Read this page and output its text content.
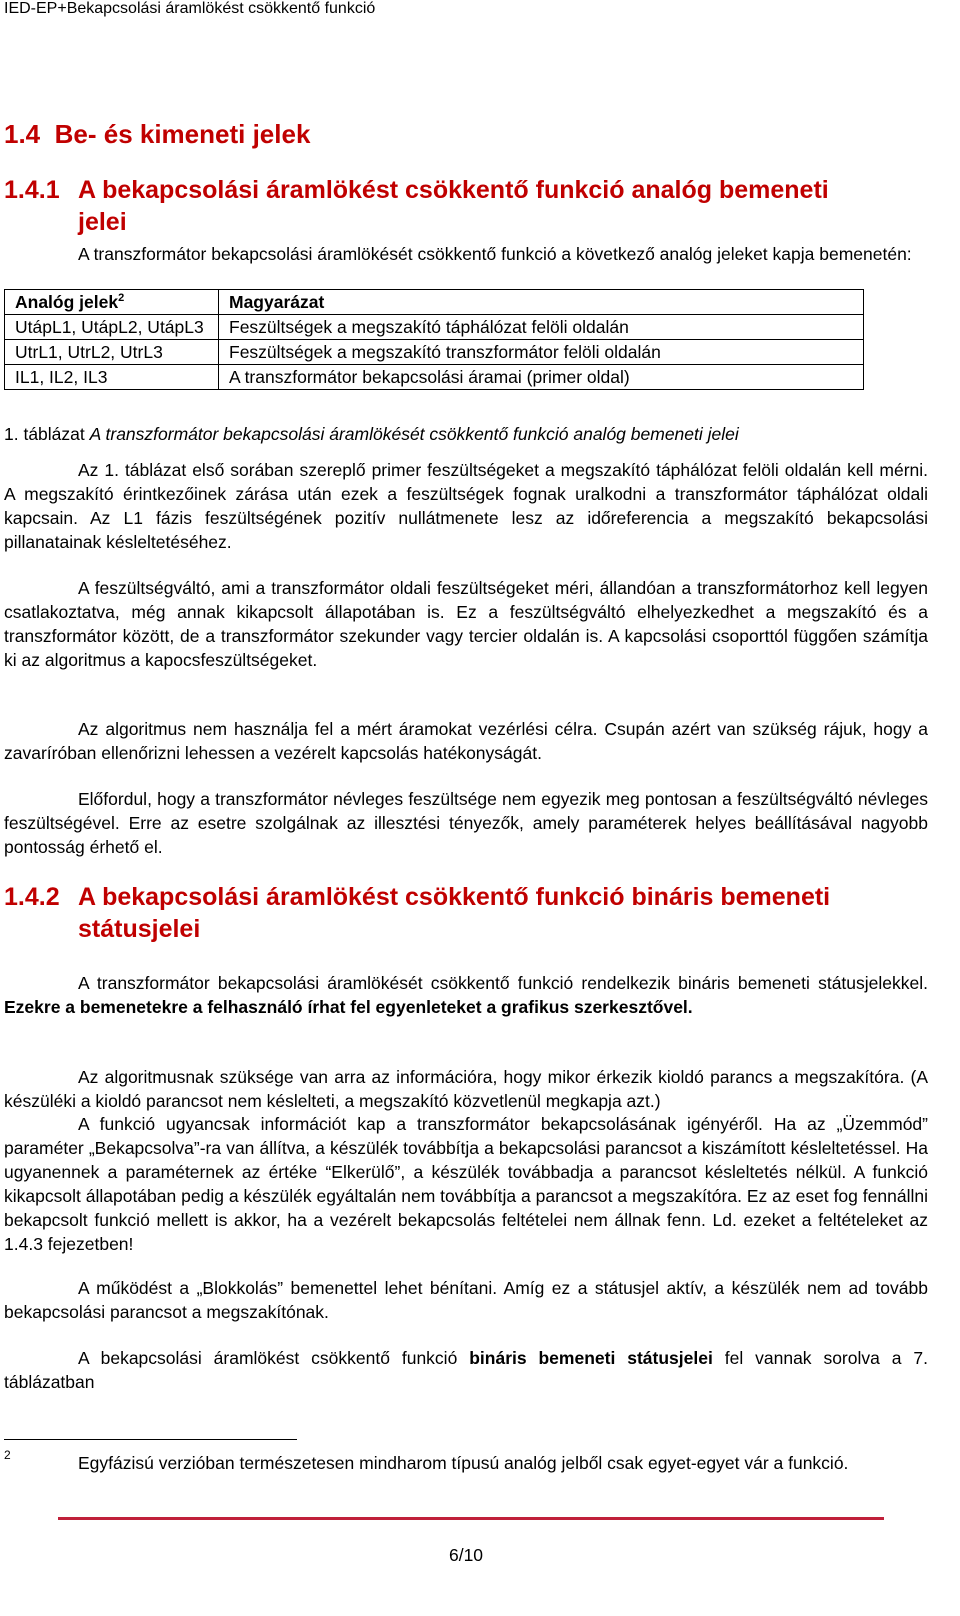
IED-EP+Bekapcsolási áramlökést csökkentő funkció
1.4 Be- és kimeneti jelek
1.4.1 A bekapcsolási áramlökést csökkentő funkció analóg bemeneti
jelei
A transzformátor bekapcsolási áramlökését csökkentő funkció a következő analóg jeleket kapja bemenetén:
Analóg jelek$^2$	Magyarázat
UtápL1, UtápL2, UtápL3	Feszültségek a megszakító táphálózat felöli oldalán
UtrL1, UtrL2, UtrL3	Feszültségek a megszakító transzformátor felöli oldalán
IL1, IL2, IL3	A transzformátor bekapcsolási áramai (primer oldal)
1. táblázat A transzformátor bekapcsolási áramlökését csökkentő funkció analóg bemeneti jelei
Az 1. táblázat első sorában szereplő primer feszültségeket a megszakító táphálózat felöli oldalán kell mérni. A megszakító érintkezőinek zárása után ezek a feszültségek fognak uralkodni a transzformátor táphálózat oldali kapcsain. Az L1 fázis feszültségének pozitív nullátmenete lesz az időreferencia a megszakító bekapcsolási pillanatainak késleltetéséhez.
A feszültségváltó, ami a transzformátor oldali feszültségeket méri, állandóan a transzformátorhoz kell legyen csatlakoztatva, még annak kikapcsolt állapotában is. Ez a feszültségváltó elhelyezkedhet a megszakító és a transzformátor között, de a transzformátor szekunder vagy tercier oldalán is. A kapcsolási csoporttól függően számítja ki az algoritmus a kapocsfeszültségeket.
Az algoritmus nem használja fel a mért áramokat vezérlési célra. Csupán azért van szükség rájuk, hogy a zavaríróban ellenőrizni lehessen a vezérelt kapcsolás hatékonyságát.
Előfordul, hogy a transzformátor névleges feszültsége nem egyezik meg pontosan a feszültségváltó névleges feszültségével. Erre az esetre szolgálnak az illesztési tényezők, amely paraméterek helyes beállításával nagyobb pontosság érhető el.
1.4.2 A bekapcsolási áramlökést csökkentő funkció bináris bemeneti
státusjelei
A transzformátor bekapcsolási áramlökését csökkentő funkció rendelkezik bináris bemeneti státusjelekkel. Ezekre a bemenetekre a felhasználó írhat fel egyenleteket a grafikus szerkesztővel.
Az algoritmusnak szüksége van arra az információra, hogy mikor érkezik kioldó parancs a megszakítóra. (A készüléki a kioldó parancsot nem késlelteti, a megszakító közvetlenül megkapja azt.)
A funkció ugyancsak információt kap a transzformátor bekapcsolásának igényéről. Ha az „Üzemmód” paraméter „Bekapcsolva”-ra van állítva, a készülék továbbítja a bekapcsolási parancsot a kiszámított késleltetéssel. Ha ugyanennek a paraméternek az értéke “Elkerülő”, a készülék továbbadja a parancsot késleltetés nélkül. A funkció kikapcsolt állapotában pedig a készülék egyáltalán nem továbbítja a parancsot a megszakítóra. Ez az eset fog fennállni bekapcsolt funkció mellett is akkor, ha a vezérelt bekapcsolás feltételei nem állnak fenn. Ld. ezeket a feltételeket az 1.4.3 fejezetben!
A működést a „Blokkolás” bemenettel lehet bénítani. Amíg ez a státusjel aktív, a készülék nem ad tovább bekapcsolási parancsot a megszakítónak.
A bekapcsolási áramlökést csökkentő funkció bináris bemeneti státusjelei fel vannak sorolva a 7. táblázatban
2	Egyfázisú verzióban természetesen mindharom típusú analóg jelből csak egyet-egyet vár a funkció.
6/10
